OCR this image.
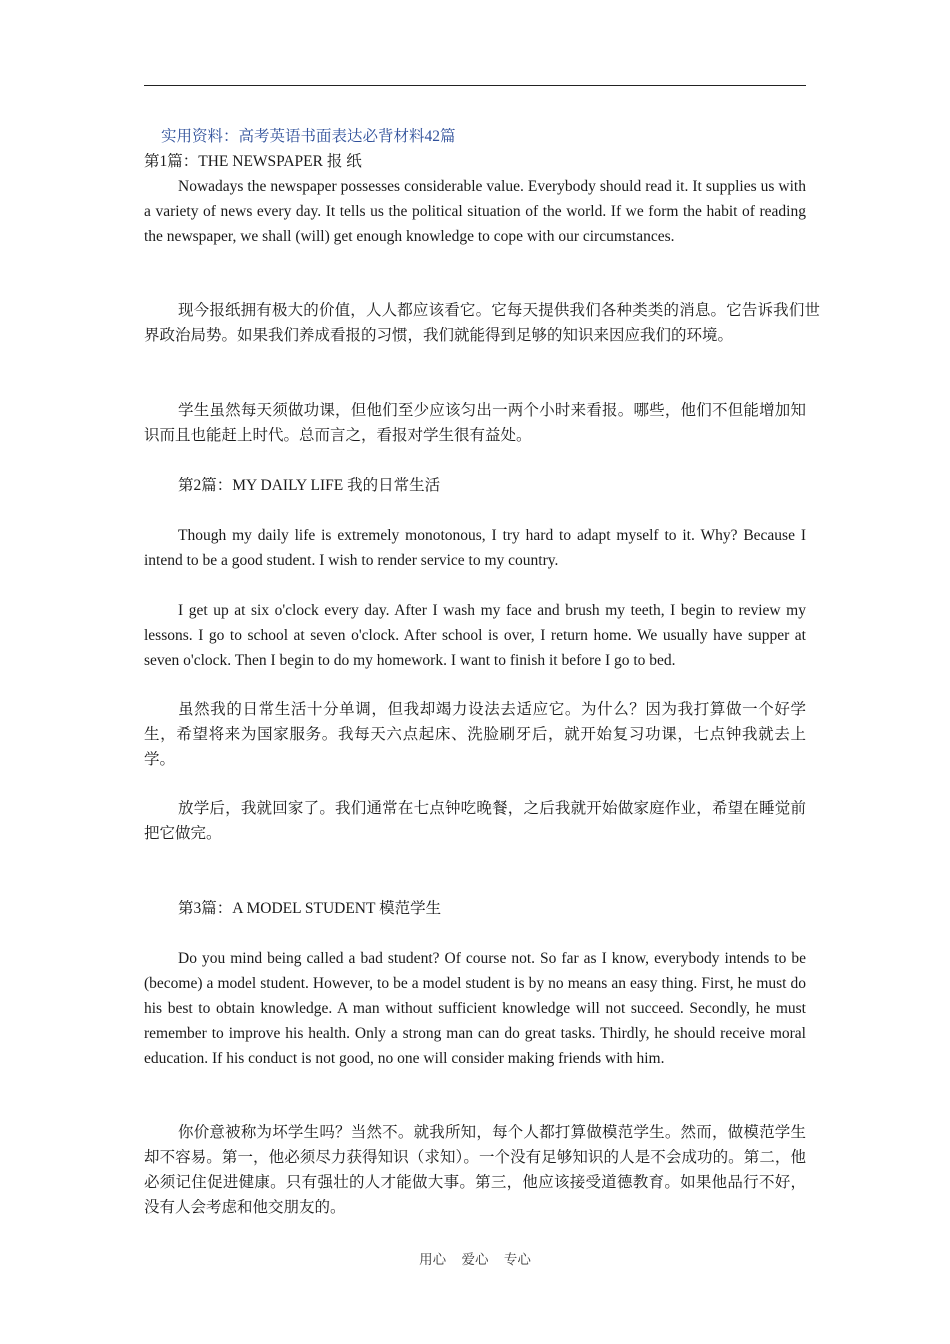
实用资料：高考英语书面表达必背材料42篇
第1篇：THE NEWSPAPER 报 纸
Nowadays the newspaper possesses considerable value. Everybody should read it. It supplies us with a variety of news every day. It tells us the political situation of the world. If we form the habit of reading the newspaper, we shall (will) get enough knowledge to cope with our circumstances.
现今报纸拥有极大的价值，人人都应该看它。它每天提供我们各种类类的消息。它告诉我们世界政治局势。如果我们养成看报的习惯，我们就能得到足够的知识来因应我们的环境。
学生虽然每天须做功课，但他们至少应该匀出一两个小时来看报。哪些，他们不但能增加知识而且也能赶上时代。总而言之，看报对学生很有益处。
第2篇：MY DAILY LIFE 我的日常生活
Though my daily life is extremely monotonous, I try hard to adapt myself to it. Why? Because I intend to be a good student. I wish to render service to my country.
I get up at six o'clock every day. After I wash my face and brush my teeth, I begin to review my lessons. I go to school at seven o'clock. After school is over, I return home. We usually have supper at seven o'clock. Then I begin to do my homework. I want to finish it before I go to bed.
虽然我的日常生活十分单调，但我却竭力设法去适应它。为什么？因为我打算做一个好学生，希望将来为国家服务。我每天六点起床、洗脸刷牙后，就开始复习功课，七点钟我就去上学。
放学后，我就回家了。我们通常在七点钟吃晚餐，之后我就开始做家庭作业，希望在睡觉前把它做完。
第3篇：A MODEL STUDENT 模范学生
Do you mind being called a bad student? Of course not. So far as I know, everybody intends to be (become) a model student. However, to be a model student is by no means an easy thing. First, he must do his best to obtain knowledge. A man without sufficient knowledge will not succeed. Secondly, he must remember to improve his health. Only a strong man can do great tasks. Thirdly, he should receive moral education. If his conduct is not good, no one will consider making friends with him.
你价意被称为坏学生吗？当然不。就我所知，每个人都打算做模范学生。然而，做模范学生却不容易。第一，他必须尽力获得知识（求知）。一个没有足够知识的人是不会成功的。第二，他必须记住促进健康。只有强壮的人才能做大事。第三，他应该接受道德教育。如果他品行不好，没有人会考虑和他交朋友的。
用心 爱心 专心
